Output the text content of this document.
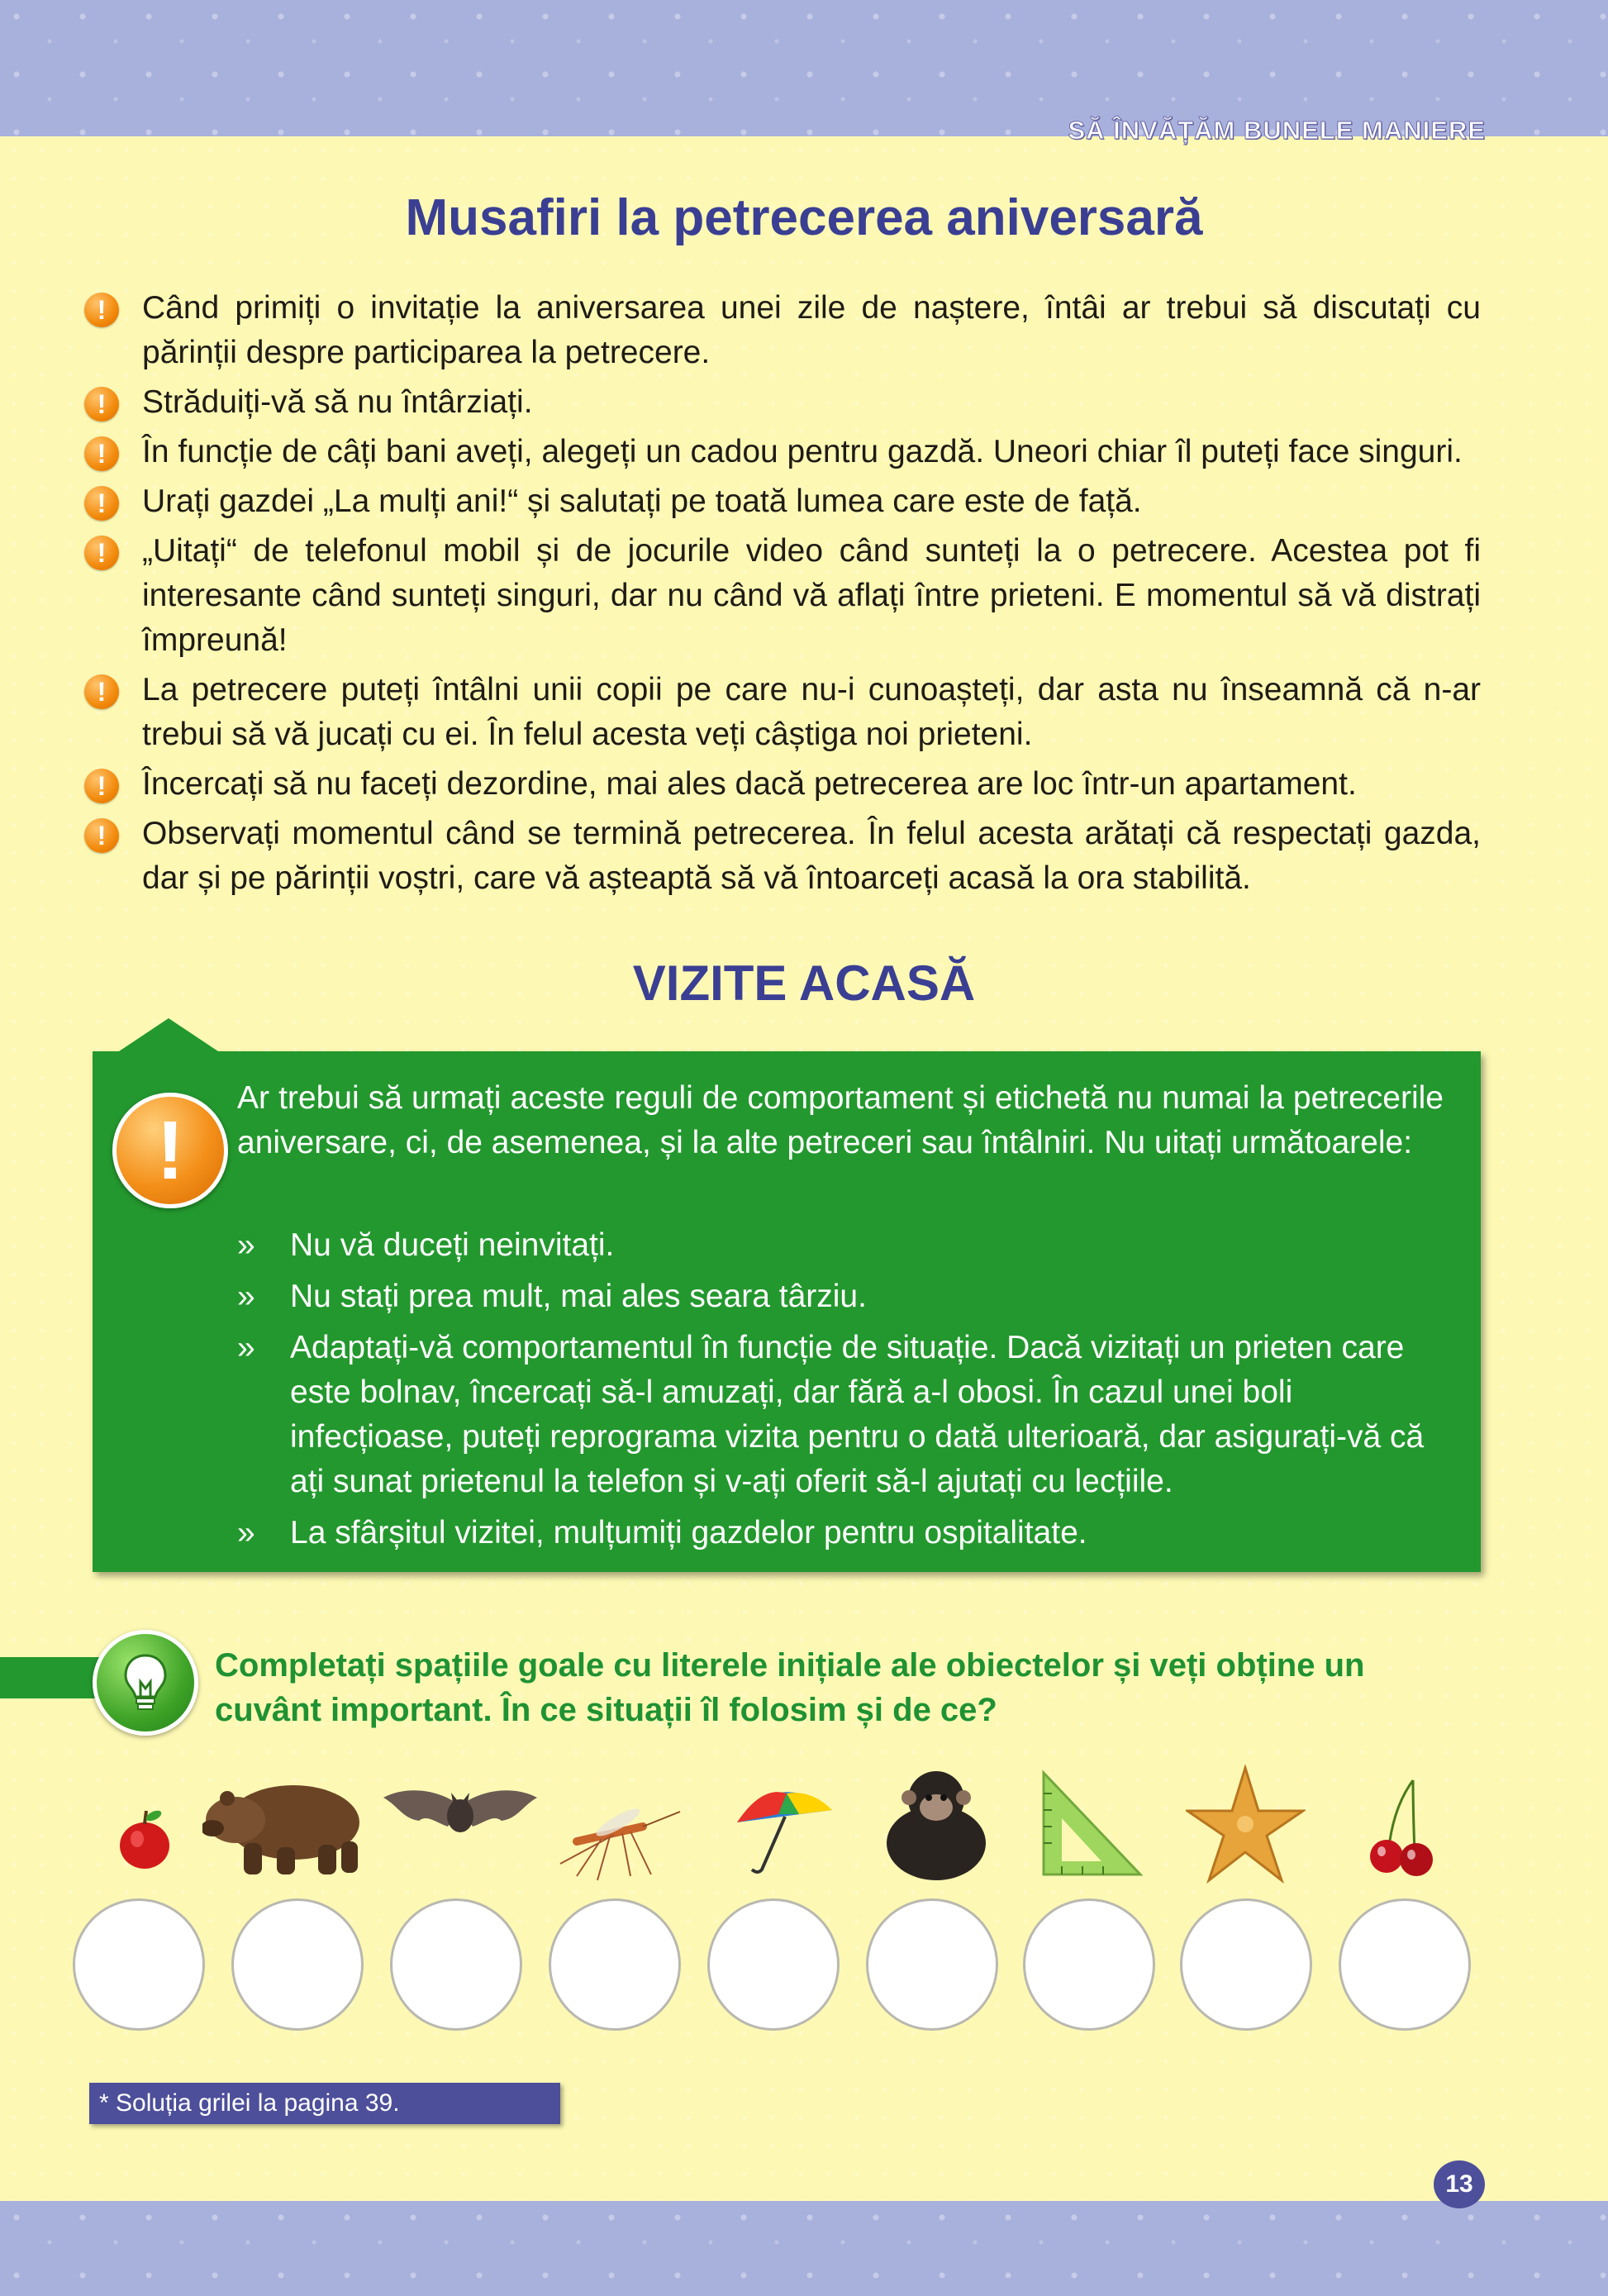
SĂ ÎNVĂȚĂM BUNELE MANIERE
Musafiri la petrecerea aniversară
!	Când primiți o invitație la aniversarea unei zile de naștere, întâi ar trebui să discutați cu părinții despre participarea la petrecere.
!	Străduiți-vă să nu întârziați.
!	În funcție de câți bani aveți, alegeți un cadou pentru gazdă. Uneori chiar îl puteți face singuri.
!	Urați gazdei „La mulți ani!“ și salutați pe toată lumea care este de față.
!	„Uitați“ de telefonul mobil și de jocurile video când sunteți la o petrecere. Acestea pot fi interesante când sunteți singuri, dar nu când vă aflați între prieteni. E momentul să vă distrați împreună!
!	La petrecere puteți întâlni unii copii pe care nu-i cunoașteți, dar asta nu înseamnă că n-ar trebui să vă jucați cu ei. În felul acesta veți câștiga noi prieteni.
!	Încercați să nu faceți dezordine, mai ales dacă petrecerea are loc într-un apartament.
!	Observați momentul când se termină petrecerea. În felul acesta arătați că respectați gazda, dar și pe părinții voștri, care vă așteaptă să vă întoarceți acasă la ora stabilită.
VIZITE ACASĂ
!
Ar trebui să urmați aceste reguli de comportament și etichetă nu numai la petrecerile aniversare, ci, de asemenea, și la alte petreceri sau întâlniri. Nu uitați următoarele:
» Nu vă duceți neinvitați.
» Nu stați prea mult, mai ales seara târziu.
» Adaptați-vă comportamentul în funcție de situație. Dacă vizitați un prieten care este bolnav, încercați să-l amuzați, dar fără a-l obosi. În cazul unei boli infecțioase, puteți reprograma vizita pentru o dată ulterioară, dar asigurați-vă că ați sunat prietenul la telefon și v-ați oferit să-l ajutați cu lecțiile.
» La sfârșitul vizitei, mulțumiți gazdelor pentru ospitalitate.
Completați spațiile goale cu literele inițiale ale obiectelor și veți obține un cuvânt important. În ce situații îl folosim și de ce?
* Soluția grilei la pagina 39.
13
